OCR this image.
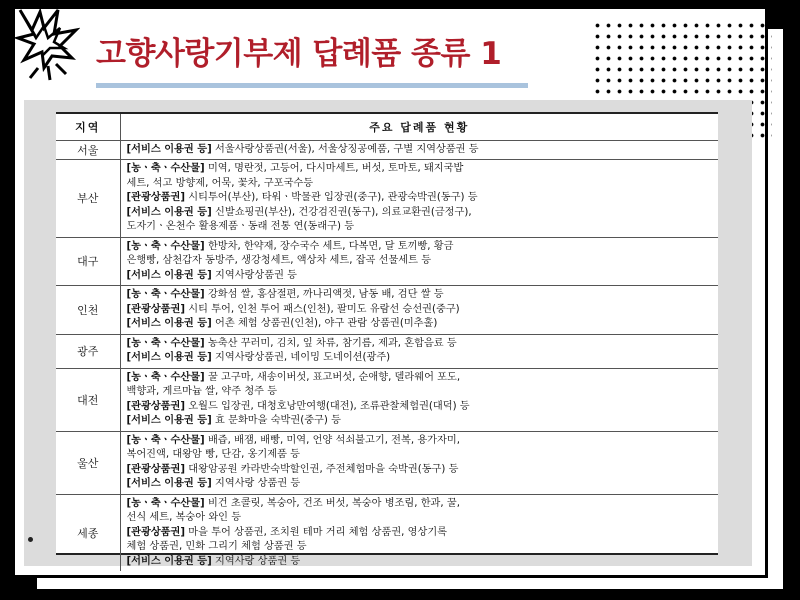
고향사랑기부제 답례품 종류 1
지역	주요 답례품 현황
서울	[서비스 이용권 등] 서울사랑상품권(서울), 서울상징공예품, 구별 지역상품권 등

부산	[농ㆍ축ㆍ수산물] 미역, 명란젓, 고등어, 다시마세트, 버섯, 토마토, 돼지국밥
세트, 석고 방향제, 어묵, 꽃차, 구포국수등
[관광상품권] 시티투어(부산), 타워ㆍ박물관 입장권(중구), 관광숙박권(동구) 등
[서비스 이용권 등] 신발쇼핑권(부산), 건강검진권(동구), 의료교환권(금정구),
도자기ㆍ온천수 활용제품ㆍ동래 전통 연(동래구) 등

대구	[농ㆍ축ㆍ수산물] 한방차, 한약재, 장수국수 세트, 다복면, 달 토끼빵, 황금
은행빵, 삼천갑자 동방주, 생강청세트, 액상차 세트, 잡곡 선물세트 등
[서비스 이용권 등] 지역사랑상품권 등

인천	[농ㆍ축ㆍ수산물] 강화섬 쌀, 홍삼절편, 까나리액젓, 남동 배, 검단 쌀 등
[관광상품권] 시티 투어, 인천 투어 패스(인천), 팔미도 유람선 승선권(중구)
[서비스 이용권 등] 어촌 체험 상품권(인천), 야구 관람 상품권(미추홀)

광주	[농ㆍ축ㆍ수산물] 농축산 꾸러미, 김치, 잎 차류, 참기름, 제과, 혼합음료 등
[서비스 이용권 등] 지역사랑상품권, 네이밍 도네이션(광주)

대전	[농ㆍ축ㆍ수산물] 꿀 고구마, 새송이버섯, 표고버섯, 순애향, 델라웨어 포도,
백향과, 게르마늄 쌀, 약주 청주 등
[관광상품권] 오월드 입장권, 대청호낭만여행(대전), 조류관찰체험권(대덕) 등
[서비스 이용권 등] 효 문화마을 숙박권(중구) 등

울산	[농ㆍ축ㆍ수산물] 배즙, 배잼, 배빵, 미역, 언양 석쇠불고기, 전복, 용가자미,
복어진액, 대왕암 빵, 단감, 옹기제품 등
[관광상품권] 대왕암공원 카라반숙박할인권, 주전체험마을 숙박권(동구) 등
[서비스 이용권 등] 지역사랑 상품권 등

세종	[농ㆍ축ㆍ수산물] 비건 초콜릿, 복숭아, 건조 버섯, 복숭아 병조림, 한과, 꿀,
선식 세트, 복숭아 와인 등
[관광상품권] 마을 투어 상품권, 조치원 테마 거리 체험 상품권, 영상기록
체험 상품권, 민화 그리기 체험 상품권 등
[서비스 이용권 등] 지역사랑 상품권 등
